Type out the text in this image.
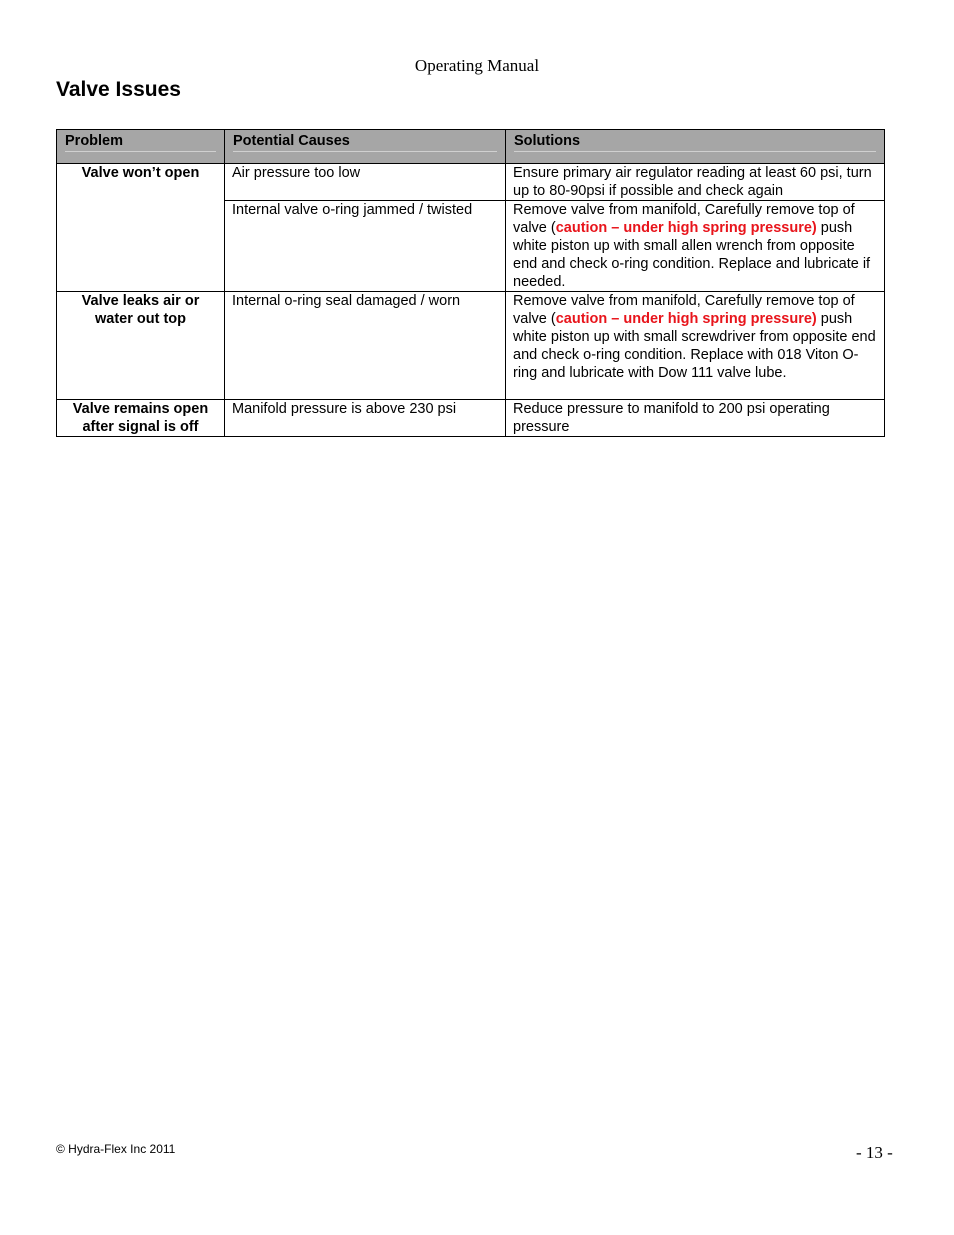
Operating Manual
Valve Issues
Problem	Potential Causes	Solutions

Valve won’t open	Air pressure too low	Ensure primary air regulator reading at least 60 psi, turn up to 80-90psi if possible and check again
	Internal valve o-ring jammed / twisted	Remove valve from manifold, Carefully remove top of valve (caution – under high spring pressure) push white piston up with small allen wrench from opposite end and check o-ring condition. Replace and lubricate if needed.

Valve leaks air or water out top	Internal o-ring seal damaged / worn	Remove valve from manifold, Carefully remove top of valve (caution – under high spring pressure) push white piston up with small screwdriver from opposite end and check o-ring condition. Replace with 018 Viton O-ring and lubricate with Dow 111 valve lube.

Valve remains open after signal is off	Manifold pressure is above 230 psi	Reduce pressure to manifold to 200 psi operating pressure
© Hydra-Flex Inc 2011	- 13 -
